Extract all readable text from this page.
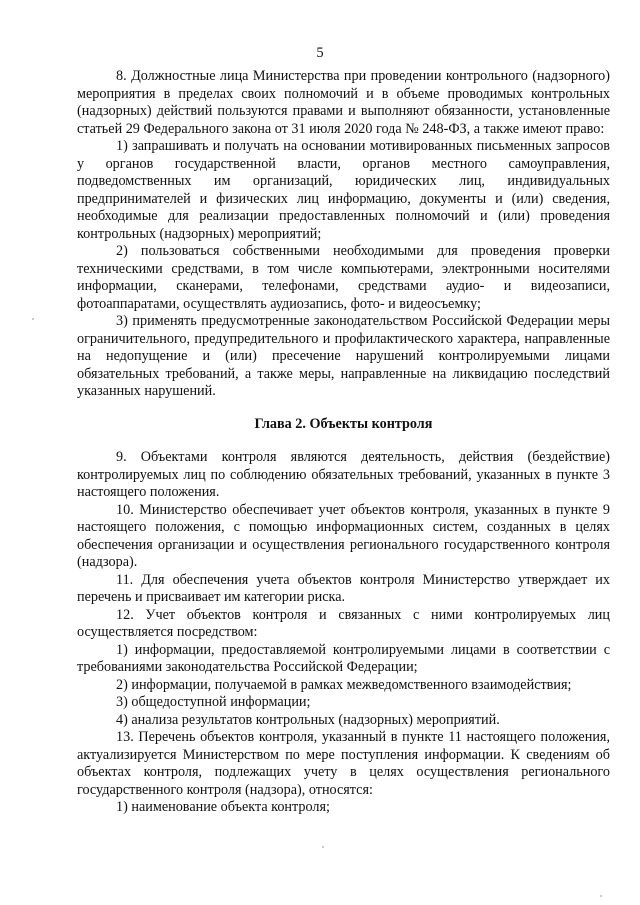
5

8. Должностные лица Министерства при проведении контрольного (надзорного) мероприятия в пределах своих полномочий и в объеме проводимых контрольных (надзорных) действий пользуются правами и выполняют обязанности, установленные статьей 29 Федерального закона от 31 июля 2020 года № 248-ФЗ, а также имеют право:

1) запрашивать и получать на основании мотивированных письменных запросов у органов государственной власти, органов местного самоуправления, подведомственных им организаций, юридических лиц, индивидуальных предпринимателей и физических лиц информацию, документы и (или) сведения, необходимые для реализации предоставленных полномочий и (или) проведения контрольных (надзорных) мероприятий;

2) пользоваться собственными необходимыми для проведения проверки техническими средствами, в том числе компьютерами, электронными носителями информации, сканерами, телефонами, средствами аудио- и видеозаписи, фотоаппаратами, осуществлять аудиозапись, фото- и видеосъемку;

3) применять предусмотренные законодательством Российской Федерации меры ограничительного, предупредительного и профилактического характера, направленные на недопущение и (или) пресечение нарушений контролируемыми лицами обязательных требований, а также меры, направленные на ликвидацию последствий указанных нарушений.

Глава 2. Объекты контроля

9. Объектами контроля являются деятельность, действия (бездействие) контролируемых лиц по соблюдению обязательных требований, указанных в пункте 3 настоящего положения.

10. Министерство обеспечивает учет объектов контроля, указанных в пункте 9 настоящего положения, с помощью информационных систем, созданных в целях обеспечения организации и осуществления регионального государственного контроля (надзора).

11. Для обеспечения учета объектов контроля Министерство утверждает их перечень и присваивает им категории риска.

12. Учет объектов контроля и связанных с ними контролируемых лиц осуществляется посредством:

1) информации, предоставляемой контролируемыми лицами в соответствии с требованиями законодательства Российской Федерации;

2) информации, получаемой в рамках межведомственного взаимодействия;

3) общедоступной информации;

4) анализа результатов контрольных (надзорных) мероприятий.

13. Перечень объектов контроля, указанный в пункте 11 настоящего положения, актуализируется Министерством по мере поступления информации. К сведениям об объектах контроля, подлежащих учету в целях осуществления регионального государственного контроля (надзора), относятся:

1) наименование объекта контроля;
